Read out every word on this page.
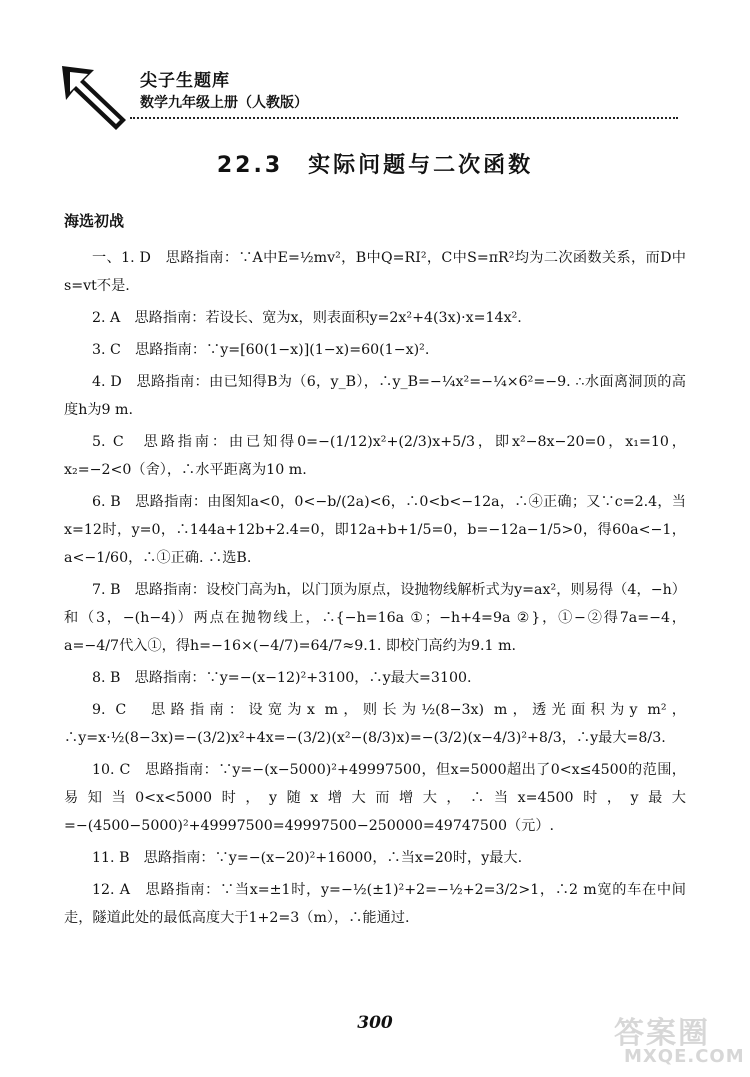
尖子生题库
数学九年级上册（人教版）
22.3　实际问题与二次函数
海选初战

一、1. D　思路指南：∵A中E=½mv²，B中Q=RI²，C中S=πR²均为二次函数关系，而D中s=vt不是.

2. A　思路指南：若设长、宽为x，则表面积y=2x²+4(3x)·x=14x².

3. C　思路指南：∵y=[60(1−x)](1−x)=60(1−x)².

4. D　思路指南：由已知得B为（6，y_B），∴y_B=−¼x²=−¼×6²=−9. ∴水面离洞顶的高度h为9 m.

5. C　思路指南：由已知得0=−(1/12)x²+(2/3)x+5/3，即x²−8x−20=0，x₁=10，x₂=−2<0（舍），∴水平距离为10 m.

6. B　思路指南：由图知a<0，0<−b/(2a)<6，∴0<b<−12a，∴④正确；又∵c=2.4，当x=12时，y=0，∴144a+12b+2.4=0，即12a+b+1/5=0，b=−12a−1/5>0，得60a<−1，a<−1/60，∴①正确. ∴选B.

7. B　思路指南：设校门高为h，以门顶为原点，设抛物线解析式为y=ax²，则易得（4，−h）和（3，−(h−4)）两点在抛物线上，∴{−h=16a ①；−h+4=9a ②}，①−②得7a=−4，a=−4/7代入①，得h=−16×(−4/7)=64/7≈9.1. 即校门高约为9.1 m.

8. B　思路指南：∵y=−(x−12)²+3100，∴y最大=3100.

9. C　思路指南：设宽为x m，则长为½(8−3x) m，透光面积为y m²，∴y=x·½(8−3x)=−(3/2)x²+4x=−(3/2)(x²−(8/3)x)=−(3/2)(x−4/3)²+8/3，∴y最大=8/3.

10. C　思路指南：∵y=−(x−5000)²+49997500，但x=5000超出了0<x≤4500的范围，易知当0<x<5000时，y随x增大而增大，∴当x=4500时，y最大=−(4500−5000)²+49997500=49997500−250000=49747500（元）.

11. B　思路指南：∵y=−(x−20)²+16000，∴当x=20时，y最大.

12. A　思路指南：∵当x=±1时，y=−½(±1)²+2=−½+2=3/2>1，∴2 m宽的车在中间走，隧道此处的最低高度大于1+2=3（m），∴能通过.

300	答案圈
MXQE.COM
